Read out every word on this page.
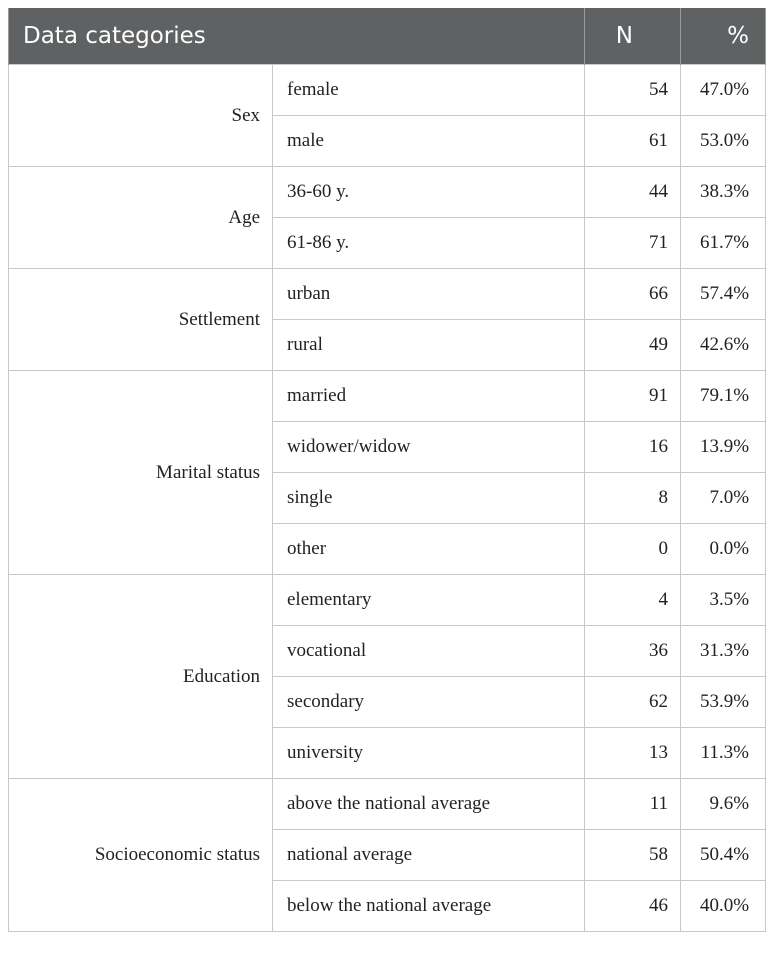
Data categories		N	%
Sex	female	54	47.0%
	male	61	53.0%
Age	36-60 y.	44	38.3%
	61-86 y.	71	61.7%
Settlement	urban	66	57.4%
	rural	49	42.6%
Marital status	married	91	79.1%
	widower/widow	16	13.9%
	single	8	7.0%
	other	0	0.0%
Education	elementary	4	3.5%
	vocational	36	31.3%
	secondary	62	53.9%
	university	13	11.3%
Socioeconomic status	above the national average	11	9.6%
	national average	58	50.4%
	below the national average	46	40.0%
